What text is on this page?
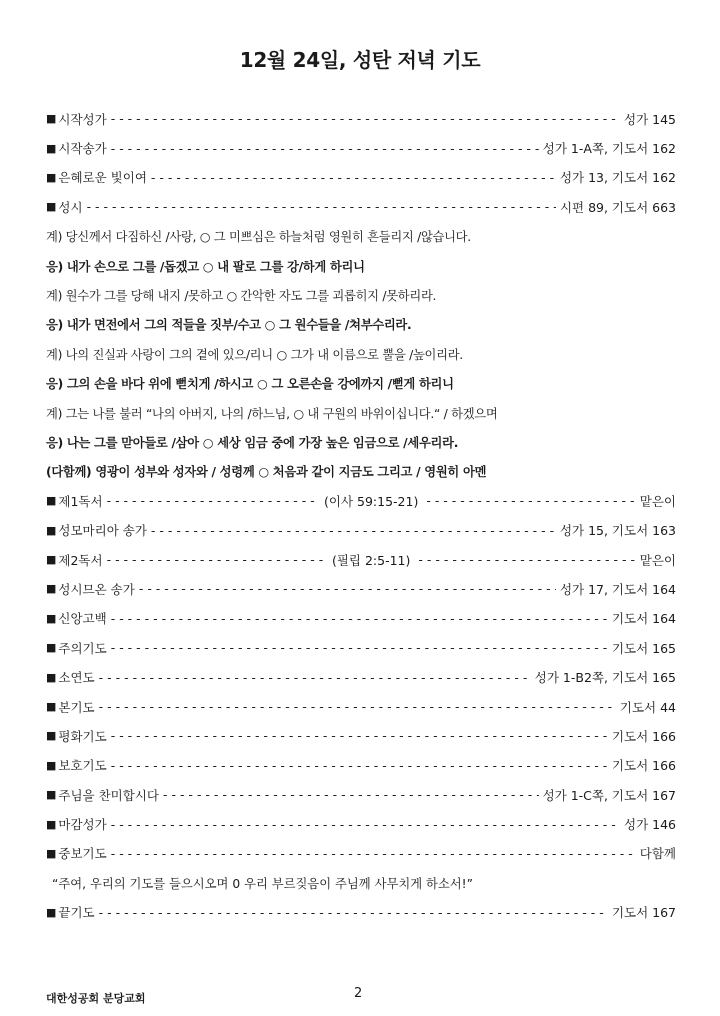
12월 24일, 성탄 저녁 기도
■ 시작성가 - - -	성가 145
■ 시작송가 - - -	성가 1-A쪽, 기도서 162
■ 은혜로운 빛이여 - - -	성가 13, 기도서 162
■ 성시 - - -	시편 89, 기도서 663
계) 당신께서 다짐하신 /사랑, ○ 그 미쁘심은 하늘처럼 영원히 흔들리지 /않습니다.
응) 내가 손으로 그를 /돕겠고 ○ 내 팔로 그를 강/하게 하리니
계) 원수가 그를 당해 내지 /못하고 ○ 간악한 자도 그를 괴롭히지 /못하리라.
응) 내가 면전에서 그의 적들을 짓부/수고 ○ 그 원수들을 /쳐부수리라.
계) 나의 진실과 사랑이 그의 곁에 있으/리니 ○ 그가 내 이름으로 뿔을 /높이리라.
응) 그의 손을 바다 위에 뻗치게 /하시고 ○ 그 오른손을 강에까지 /뻗게 하리니
계) 그는 나를 불러 “나의 아버지, 나의 /하느님, ○ 내 구원의 바위이십니다.“ / 하겠으며
응) 나는 그를 맏아들로 /삼아 ○ 세상 임금 중에 가장 높은 임금으로 /세우리라.
(다함께) 영광이 성부와 성자와 / 성령께 ○ 처음과 같이 지금도 그리고 / 영원히 아멘
■ 제1독서 - - -	(이사 59:15-21) - - -	맡은이
■ 성모마리아 송가 - - -	성가 15, 기도서 163
■ 제2독서 - - -	(필립 2:5-11) - - -	맡은이
■ 성시므온 송가 - - -	성가 17, 기도서 164
■ 신앙고백 - - -	기도서 164
■ 주의기도 - - -	기도서 165
■ 소연도 - - -	성가 1-B2쪽, 기도서 165
■ 본기도 - - -	기도서 44
■ 평화기도 - - -	기도서 166
■ 보호기도 - - -	기도서 166
■ 주님을 찬미합시다 - - -	성가 1-C쪽, 기도서 167
■ 마감성가 - - -	성가 146
■ 중보기도 - - -	다함께
“주여, 우리의 기도를 들으시오며 0 우리 부르짖음이 주님께 사무치게 하소서!”
■ 끝기도 - - -	기도서 167
대한성공회 분당교회	2
